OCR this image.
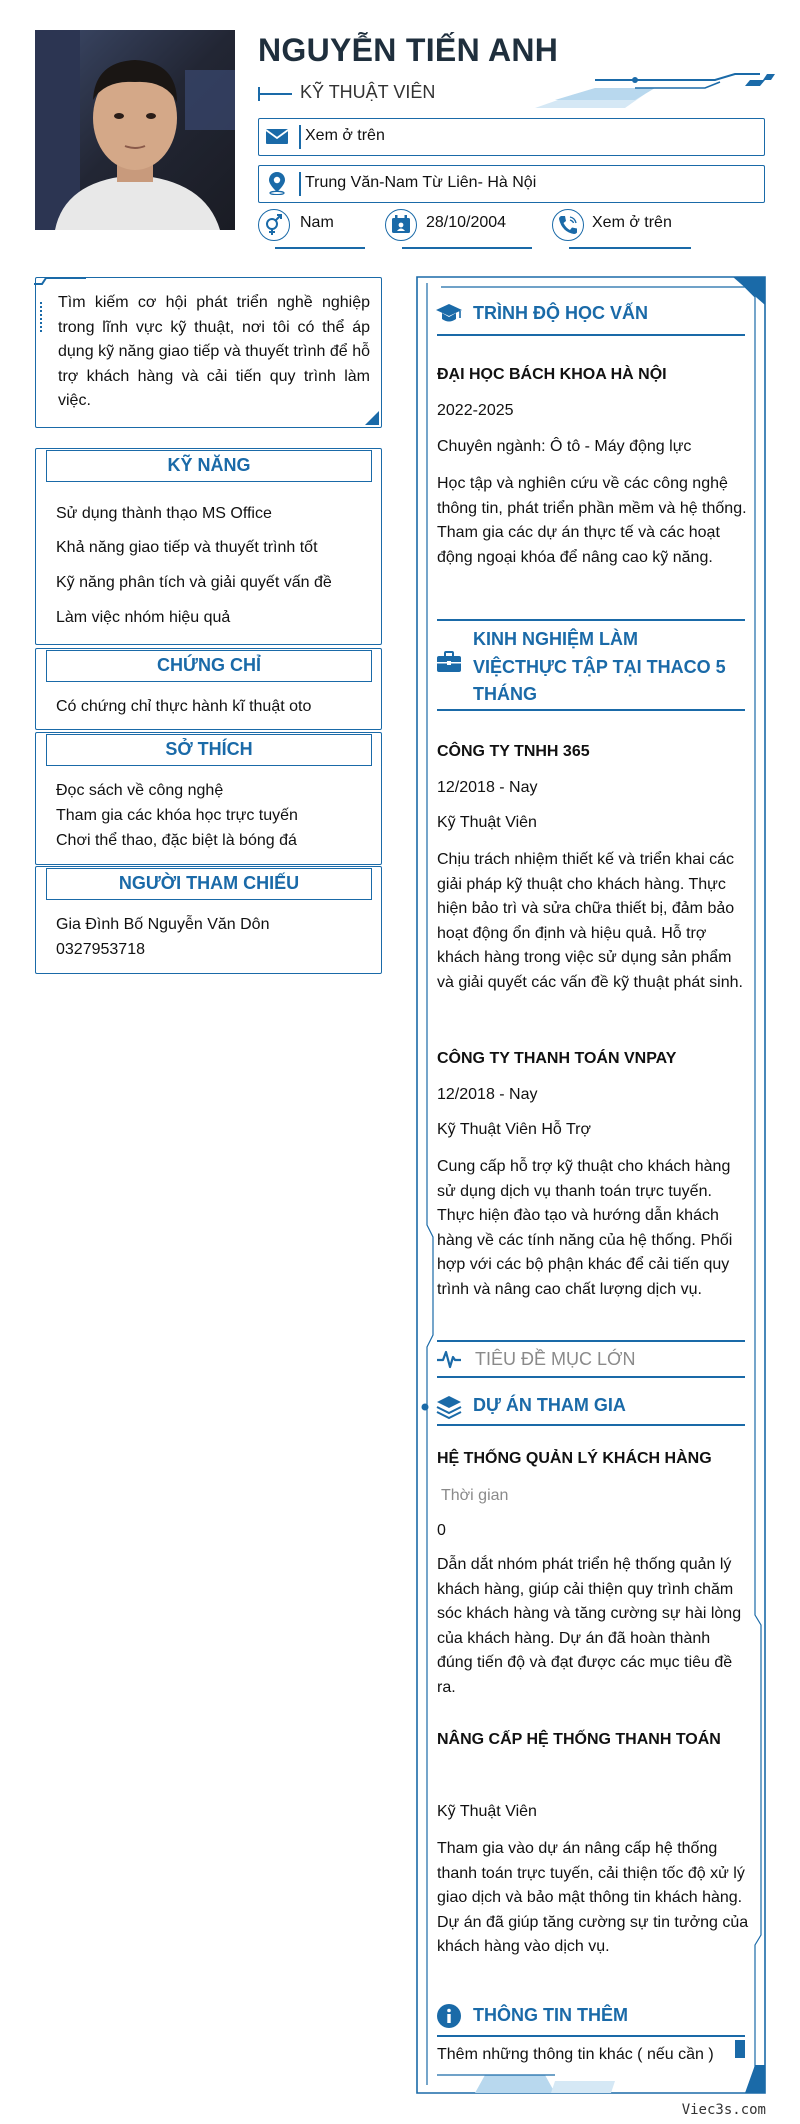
NGUYỄN TIẾN ANH
KỸ THUẬT VIÊN
Xem ở trên
Trung Văn-Nam Từ Liên- Hà Nội
Nam	28/10/2004	Xem ở trên
Tìm kiếm cơ hội phát triển nghề nghiệp trong lĩnh vực kỹ thuật, nơi tôi có thể áp dụng kỹ năng giao tiếp và thuyết trình để hỗ trợ khách hàng và cải tiến quy trình làm việc.
KỸ NĂNG
Sử dụng thành thạo MS Office
Khả năng giao tiếp và thuyết trình tốt
Kỹ năng phân tích và giải quyết vấn đề
Làm việc nhóm hiệu quả
CHỨNG CHỈ
Có chứng chỉ thực hành kĩ thuật oto
SỞ THÍCH
Đọc sách về công nghệ
Tham gia các khóa học trực tuyến
Chơi thể thao, đặc biệt là bóng đá
NGƯỜI THAM CHIẾU
Gia Đình Bố Nguyễn Văn Dôn
0327953718
TRÌNH ĐỘ HỌC VẤN
ĐẠI HỌC BÁCH KHOA HÀ NỘI
2022-2025
Chuyên ngành: Ô tô - Máy động lực
Học tập và nghiên cứu về các công nghệ thông tin, phát triển phần mềm và hệ thống. Tham gia các dự án thực tế và các hoạt động ngoại khóa để nâng cao kỹ năng.
KINH NGHIỆM LÀM
VIỆCTHỰC TẬP TẠI THACO 5
THÁNG
CÔNG TY TNHH 365
12/2018 - Nay
Kỹ Thuật Viên
Chịu trách nhiệm thiết kế và triển khai các giải pháp kỹ thuật cho khách hàng. Thực hiện bảo trì và sửa chữa thiết bị, đảm bảo hoạt động ổn định và hiệu quả. Hỗ trợ khách hàng trong việc sử dụng sản phẩm và giải quyết các vấn đề kỹ thuật phát sinh.
CÔNG TY THANH TOÁN VNPAY
12/2018 - Nay
Kỹ Thuật Viên Hỗ Trợ
Cung cấp hỗ trợ kỹ thuật cho khách hàng sử dụng dịch vụ thanh toán trực tuyến. Thực hiện đào tạo và hướng dẫn khách hàng về các tính năng của hệ thống. Phối hợp với các bộ phận khác để cải tiến quy trình và nâng cao chất lượng dịch vụ.
TIÊU ĐỀ MỤC LỚN
DỰ ÁN THAM GIA
HỆ THỐNG QUẢN LÝ KHÁCH HÀNG
Thời gian
0
Dẫn dắt nhóm phát triển hệ thống quản lý khách hàng, giúp cải thiện quy trình chăm sóc khách hàng và tăng cường sự hài lòng của khách hàng. Dự án đã hoàn thành đúng tiến độ và đạt được các mục tiêu đề ra.
NÂNG CẤP HỆ THỐNG THANH TOÁN
Kỹ Thuật Viên
Tham gia vào dự án nâng cấp hệ thống thanh toán trực tuyến, cải thiện tốc độ xử lý giao dịch và bảo mật thông tin khách hàng. Dự án đã giúp tăng cường sự tin tưởng của khách hàng vào dịch vụ.
THÔNG TIN THÊM
Thêm những thông tin khác ( nếu cần )
Viec3s.com
